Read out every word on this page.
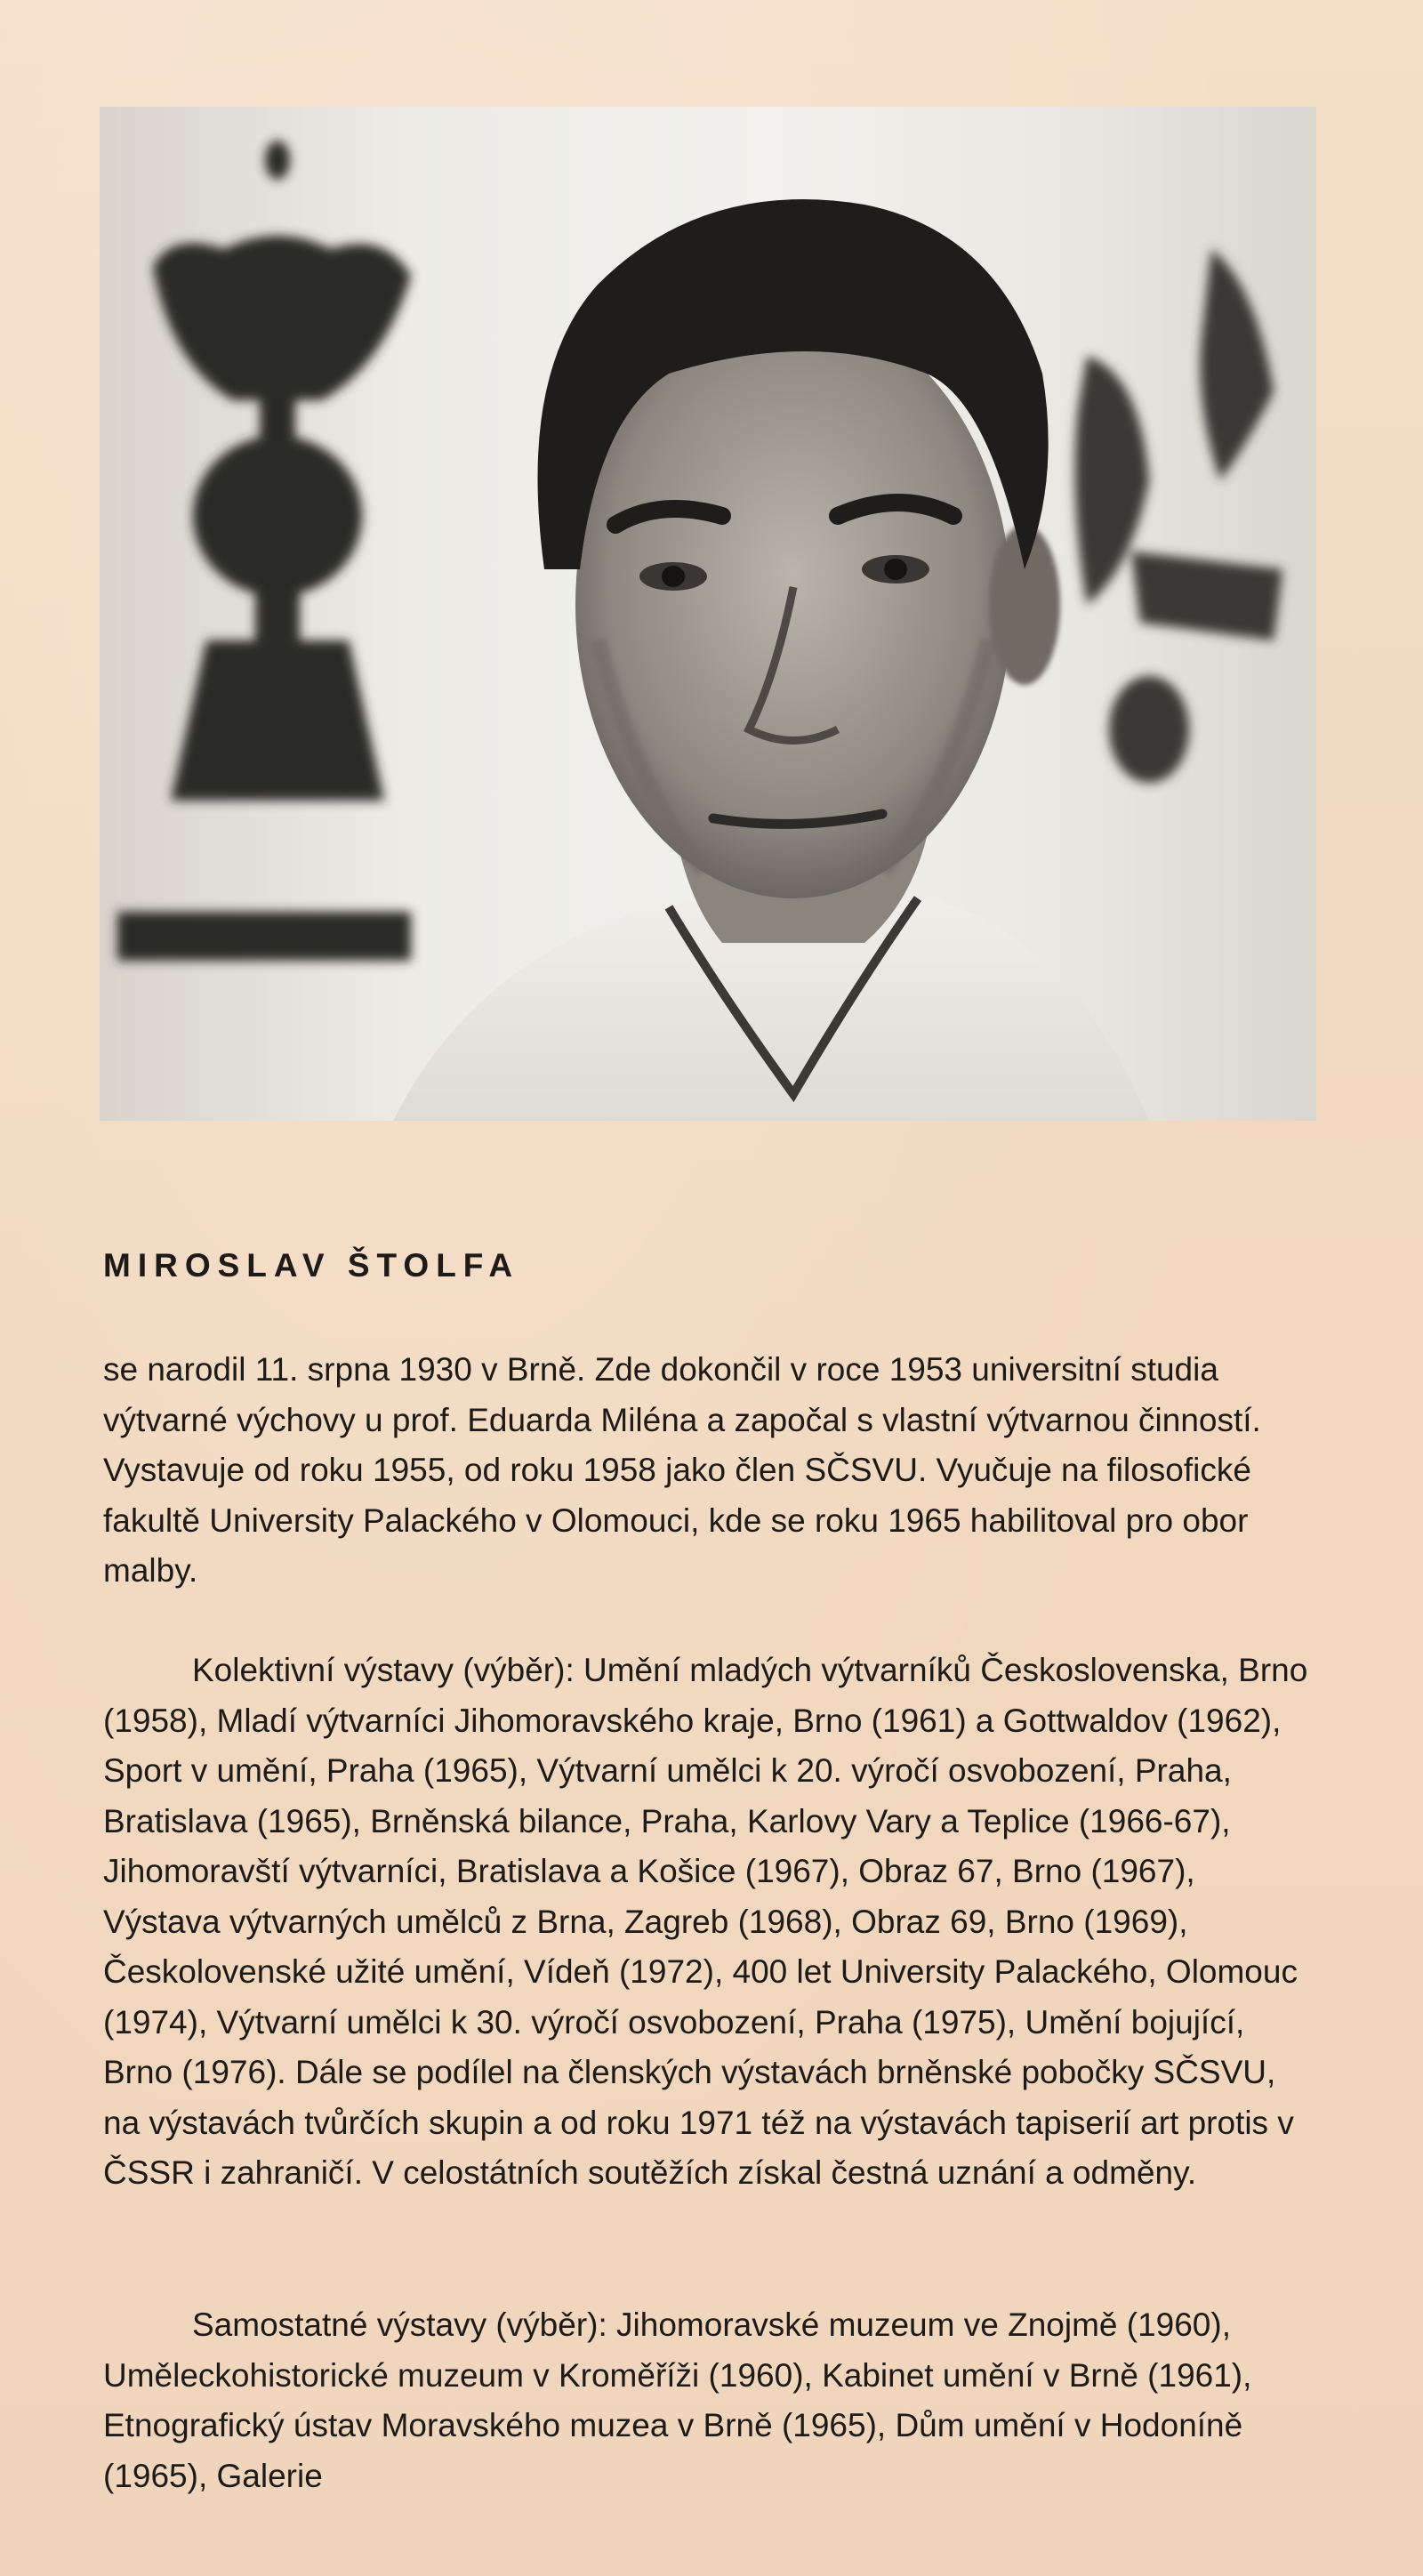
MIROSLAV ŠTOLFA

se narodil 11. srpna 1930 v Brně. Zde dokončil v roce 1953 universitní studia výtvarné výchovy u prof. Eduarda Miléna a započal s vlastní výtvarnou činností. Vystavuje od roku 1955, od roku 1958 jako člen SČSVU. Vyučuje na filosofické fakultě University Palackého v Olomouci, kde se roku 1965 habilitoval pro obor malby.

Kolektivní výstavy (výběr): Umění mladých výtvarníků Československa, Brno (1958), Mladí výtvarníci Jihomoravského kraje, Brno (1961) a Gottwaldov (1962), Sport v umění, Praha (1965), Výtvarní umělci k 20. výročí osvobození, Praha, Bratislava (1965), Brněnská bilance, Praha, Karlovy Vary a Teplice (1966-67), Jihomoravští výtvarníci, Bratislava a Košice (1967), Obraz 67, Brno (1967), Výstava výtvarných umělců z Brna, Zagreb (1968), Obraz 69, Brno (1969), Českolovenské užité umění, Vídeň (1972), 400 let University Palackého, Olomouc (1974), Výtvarní umělci k 30. výročí osvobození, Praha (1975), Umění bojující, Brno (1976). Dále se podílel na členských výstavách brněnské pobočky SČSVU, na výstavách tvůrčích skupin a od roku 1971 též na výstavách tapiserií art protis v ČSSR i zahraničí. V celostátních soutěžích získal čestná uznání a odměny.

Samostatné výstavy (výběr): Jihomoravské muzeum ve Znojmě (1960), Uměleckohistorické muzeum v Kroměříži (1960), Kabinet umění v Brně (1961), Etnografický ústav Moravského muzea v Brně (1965), Dům umění v Hodoníně (1965), Galerie
